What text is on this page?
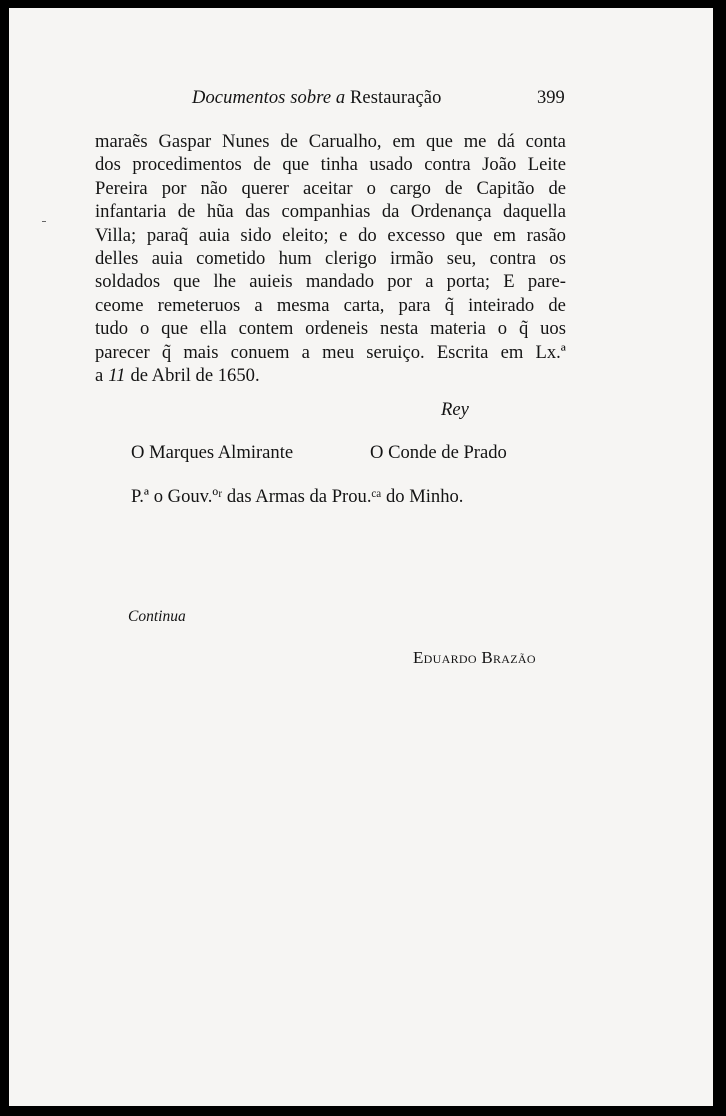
Documentos sobre a Restauração	399
maraẽs Gaspar Nunes de Carualho, em que me dá conta
dos procedimentos de que tinha usado contra João Leite
Pereira por não querer aceitar o cargo de Capitão de
infantaria de hũa das companhias da Ordenança daquella
Villa; paraq̃ auia sido eleito; e do excesso que em rasão
delles auia cometido hum clerigo irmão seu, contra os
soldados que lhe auieis mandado por a porta; E pare-
ceome remeteruos a mesma carta, para q̃ inteirado de
tudo o que ella contem ordeneis nesta materia o q̃ uos
parecer q̃ mais conuem a meu seruiço. Escrita em Lx.ª
a 11 de Abril de 1650.
Rey
O Marques Almirante	O Conde de Prado
P.ª o Gouv.ºʳ das Armas da Prou.ᶜᵃ do Minho.
Continua
Eduardo Brazão
